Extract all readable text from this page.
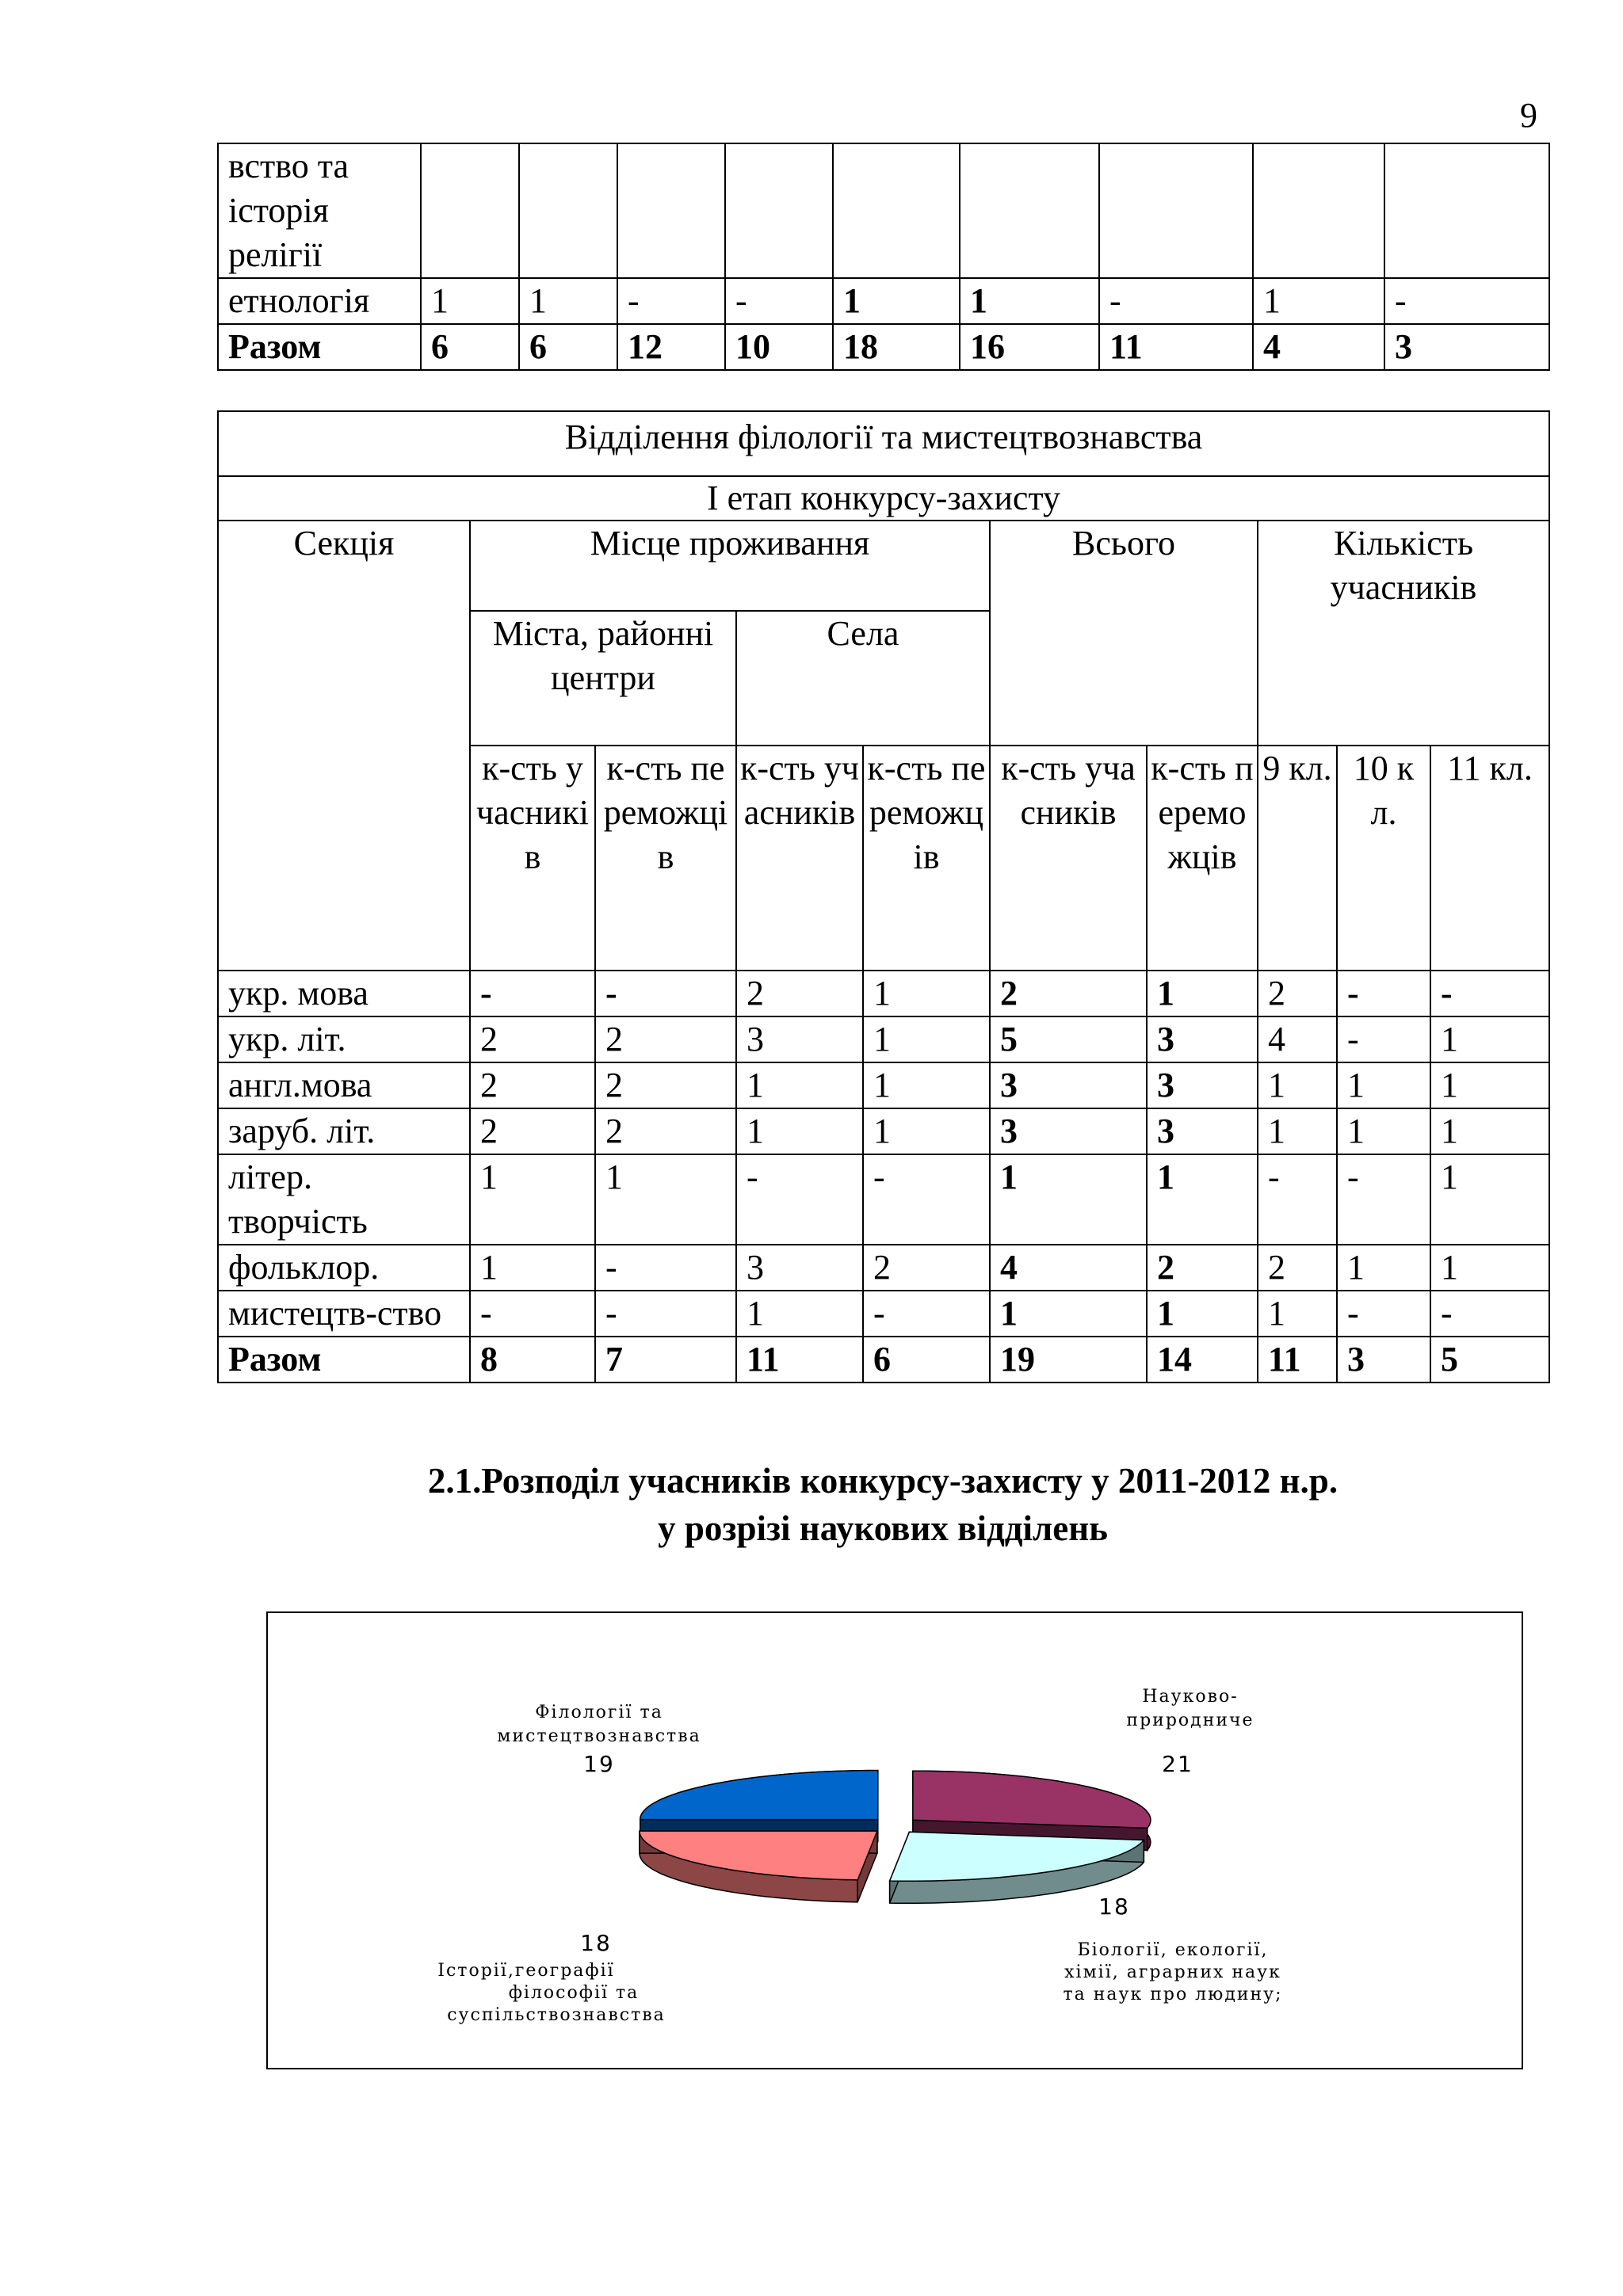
9
вство та історія релігії									
етнологія	1	1	-	-	1	1	-	1	-
Разом	6	6	12	10	18	16	11	4	3
Відділення філології та мистецтвознавства									
І етап конкурсу-захисту									
Секція	Місце проживання				Всього		Кількість учасників		
	Міста, районні центри		Села						
	к-сть учасників	к-сть переможців	к-сть учасників	к-сть переможців	к-сть учасників	к-сть переможців	9 кл.	10 кл.	11 кл.
укр. мова	-	-	2	1	2	1	2	-	-
укр. літ.	2	2	3	1	5	3	4	-	1
англ.мова	2	2	1	1	3	3	1	1	1
заруб. літ.	2	2	1	1	3	3	1	1	1
літер. творчість	1	1	-	-	1	1	-	-	1
фольклор.	1	-	3	2	4	2	2	1	1
мистецтв-ство	-	-	1	-	1	1	1	-	-
Разом	8	7	11	6	19	14	11	3	5
2.1.Розподіл учасників конкурсу-захисту у 2011-2012 н.р.
у розрізі наукових відділень
Філології та мистецтвознавства
19
Науково-природниче
21
18
Біології, екології, хімії, аграрних наук та наук про людину;
18
Історії,географії філософії та суспільствознавства
